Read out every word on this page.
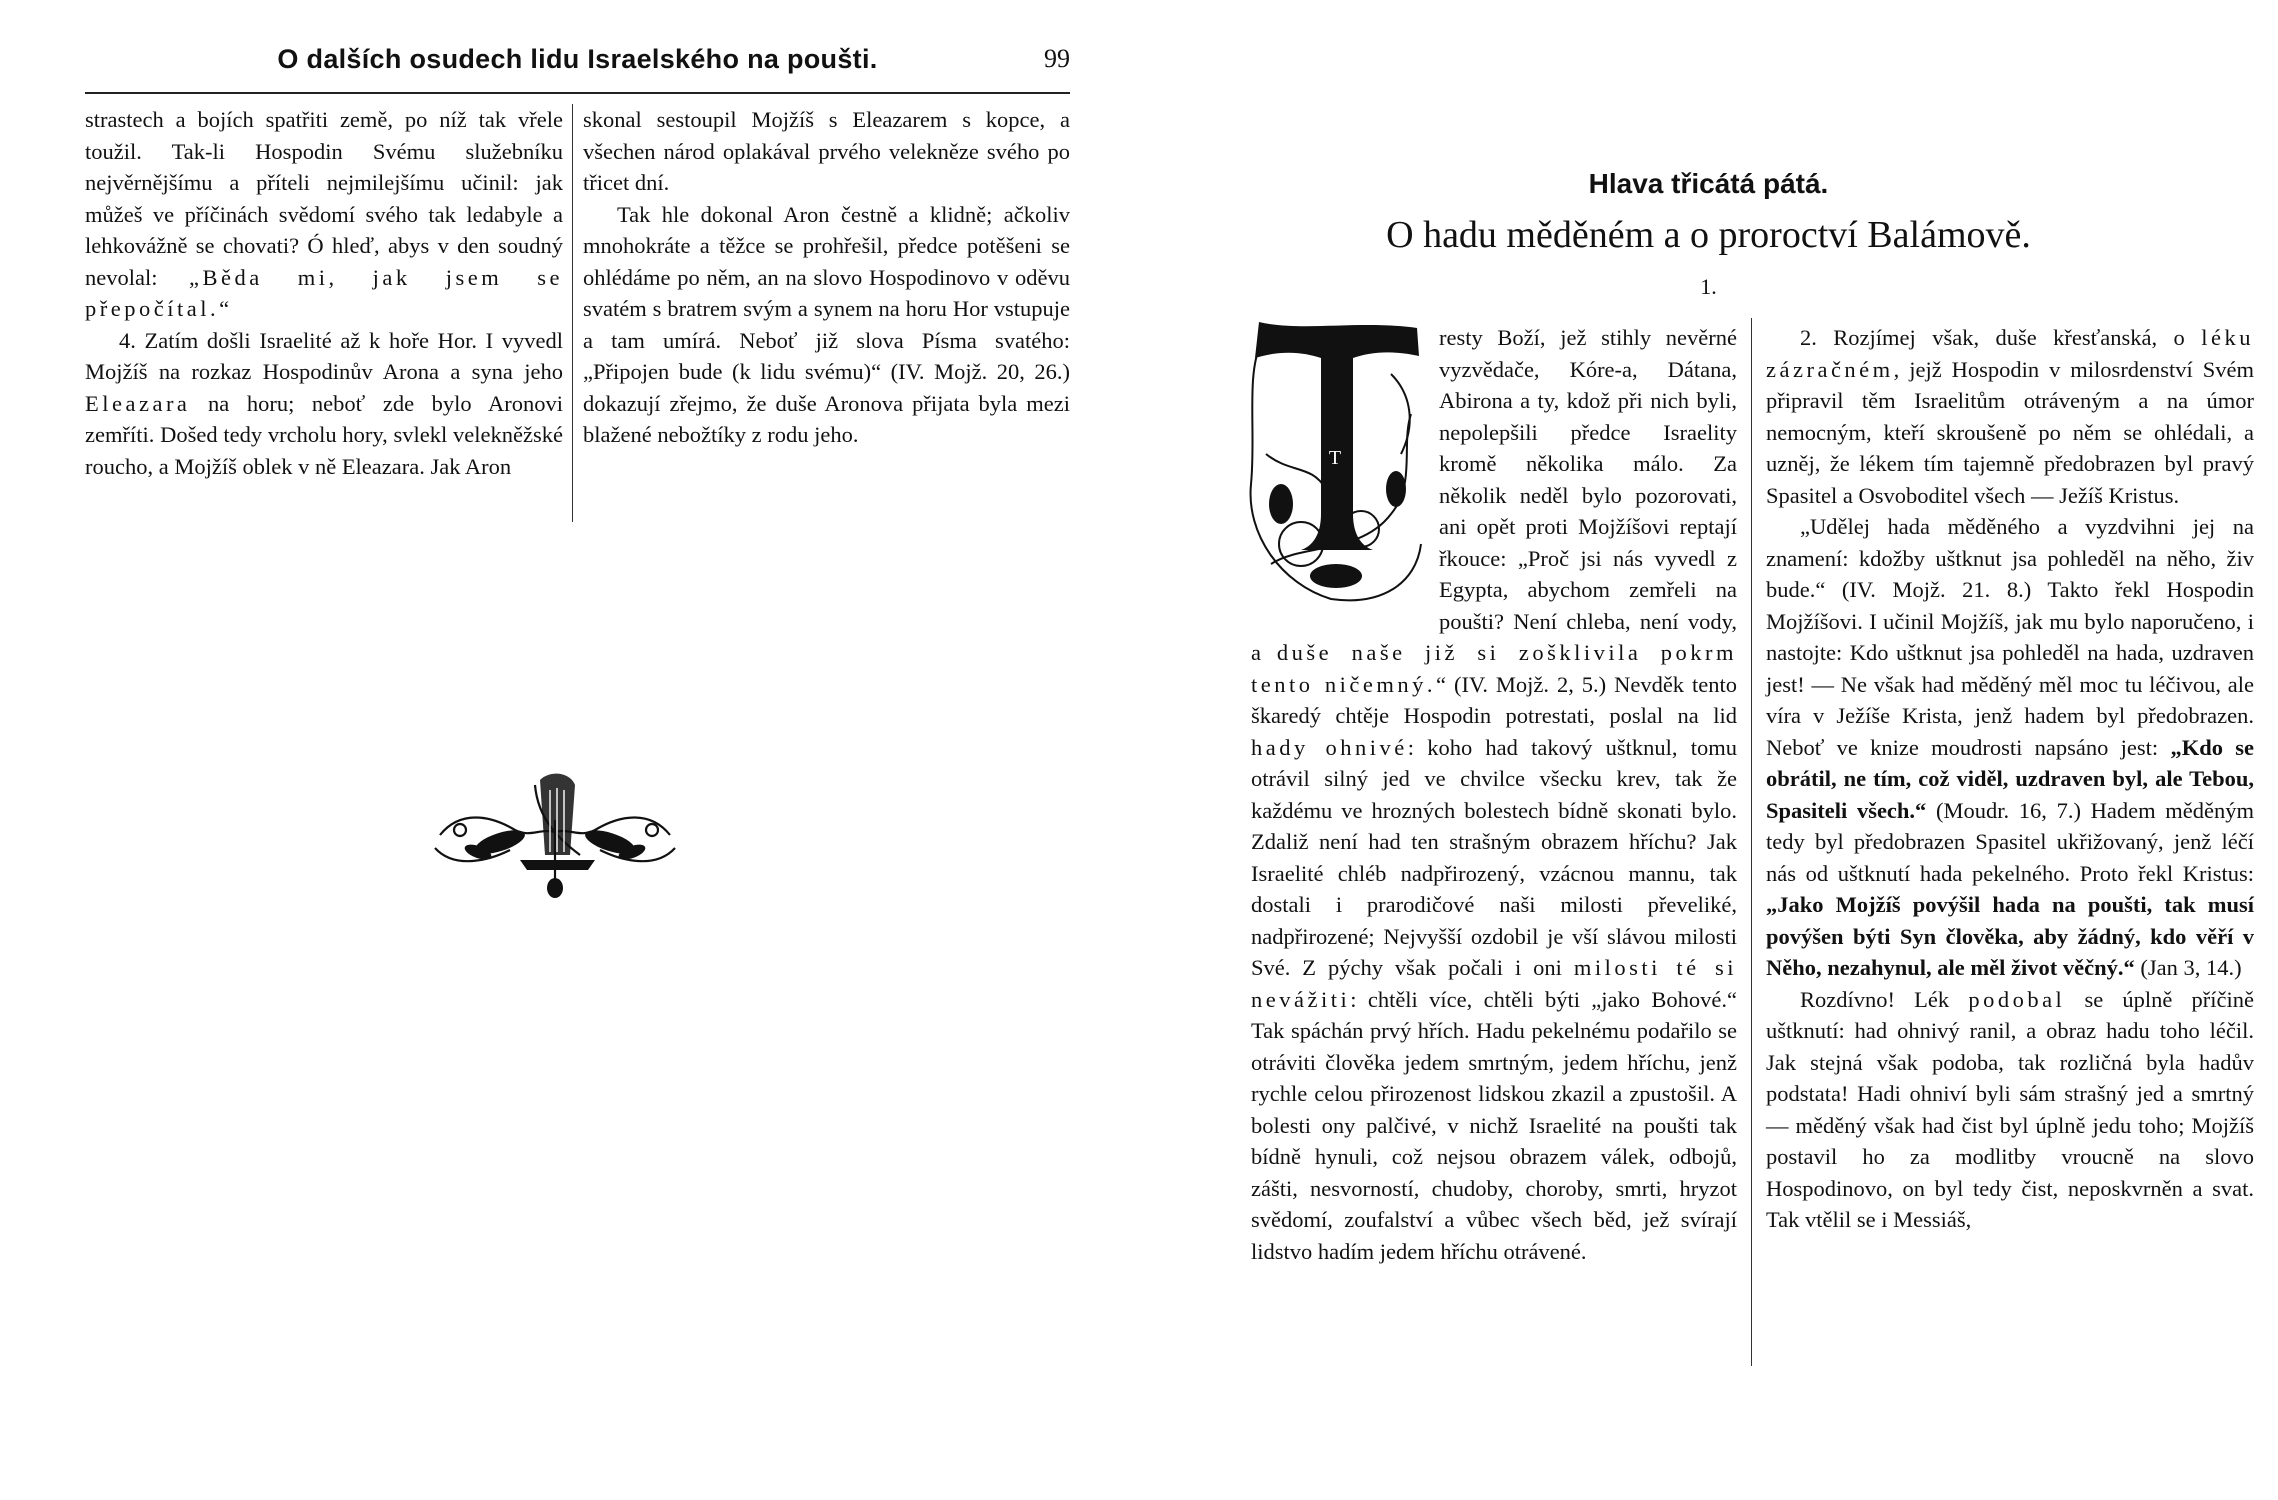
O dalších osudech lidu Israelského na poušti.	99

strastech a bojích spatřiti země, po níž tak vřele toužil. Tak-li Hospodin Svému služebníku nejvěrnějšímu a příteli nejmilejšímu učinil: jak můžeš ve příčinách svědomí svého tak ledabyle a lehkovážně se chovati? Ó hleď, abys v den soudný nevolal: „Běda mi, jak jsem se přepočítal.“

4. Zatím došli Israelité až k hoře Hor. I vyvedl Mojžíš na rozkaz Hospodinův Arona a syna jeho Eleazara na horu; neboť zde bylo Aronovi zemříti. Došed tedy vrcholu hory, svlekl velekněžské roucho, a Mojžíš oblek v ně Eleazara. Jak Aron

skonal sestoupil Mojžíš s Eleazarem s kopce, a všechen národ oplakával prvého velekněze svého po třicet dní.

Tak hle dokonal Aron čestně a klidně; ačkoliv mnohokráte a těžce se prohřešil, předce potěšeni se ohlédáme po něm, an na slovo Hospodinovo v oděvu svatém s bratrem svým a synem na horu Hor vstupuje a tam umírá. Neboť již slova Písma svatého: „Připojen bude (k lidu svému)“ (IV. Mojž. 20, 26.) dokazují zřejmo, že duše Aronova přijata byla mezi blažené nebožtíky z rodu jeho.

Hlava třicátá pátá.
O hadu měděném a o proroctví Balámově.
1.
T

resty Boží, jež stihly nevěrné vyzvědače, Kóre-a, Dátana, Abirona a ty, kdož při nich byli, nepolepšili předce Israelity kromě několika málo. Za několik neděl bylo pozorovati, ani opět proti Mojžíšovi reptají řkouce: „Proč jsi nás vyvedl z Egypta, abychom zemřeli na poušti? Není chleba, není vody, a duše naše již si zošklivila pokrm tento ničemný.“ (IV. Mojž. 2, 5.) Nevděk tento škaredý chtěje Hospodin potrestati, poslal na lid hady ohnivé: koho had takový uštknul, tomu otrávil silný jed ve chvilce všecku krev, tak že každému ve hrozných bolestech bídně skonati bylo. Zdaliž není had ten strašným obrazem hříchu? Jak Israelité chléb nadpřirozený, vzácnou mannu, tak dostali i prarodičové naši milosti převeliké, nadpřirozené; Nejvyšší ozdobil je vší slávou milosti Své. Z pýchy však počali i oni milosti té si nevážiti: chtěli více, chtěli býti „jako Bohové.“ Tak spáchán prvý hřích. Hadu pekelnému podařilo se otráviti člověka jedem smrtným, jedem hříchu, jenž rychle celou přirozenost lidskou zkazil a zpustošil. A bolesti ony palčivé, v nichž Israelité na poušti tak bídně hynuli, což nejsou obrazem válek, odbojů, zášti, nesvorností, chudoby, choroby, smrti, hryzot svědomí, zoufalství a vůbec všech běd, jež svírají lidstvo hadím jedem hříchu otrávené.

2. Rozjímej však, duše křesťanská, o léku zázračném, jejž Hospodin v milosrdenství Svém připravil těm Israelitům otráveným a na úmor nemocným, kteří skroušeně po něm se ohlédali, a uzněj, že lékem tím tajemně předobrazen byl pravý Spasitel a Osvoboditel všech — Ježíš Kristus.

„Udělej hada měděného a vyzdvihni jej na znamení: kdožby uštknut jsa pohleděl na něho, živ bude.“ (IV. Mojž. 21. 8.) Takto řekl Hospodin Mojžíšovi. I učinil Mojžíš, jak mu bylo naporučeno, i nastojte: Kdo uštknut jsa pohleděl na hada, uzdraven jest! — Ne však had měděný měl moc tu léčivou, ale víra v Ježíše Krista, jenž hadem byl předobrazen. Neboť ve knize moudrosti napsáno jest: „Kdo se obrátil, ne tím, což viděl, uzdraven byl, ale Tebou, Spasiteli všech.“ (Moudr. 16, 7.) Hadem měděným tedy byl předobrazen Spasitel ukřižovaný, jenž léčí nás od uštknutí hada pekelného. Proto řekl Kristus: „Jako Mojžíš povýšil hada na poušti, tak musí povýšen býti Syn člověka, aby žádný, kdo věří v Něho, nezahynul, ale měl život věčný.“ (Jan 3, 14.)

Rozdívno! Lék podobal se úplně příčině uštknutí: had ohnivý ranil, a obraz hadu toho léčil. Jak stejná však podoba, tak rozličná byla hadův podstata! Hadi ohniví byli sám strašný jed a smrtný — měděný však had čist byl úplně jedu toho; Mojžíš postavil ho za modlitby vroucně na slovo Hospodinovo, on byl tedy čist, neposkvrněn a svat. Tak vtělil se i Messiáš,
